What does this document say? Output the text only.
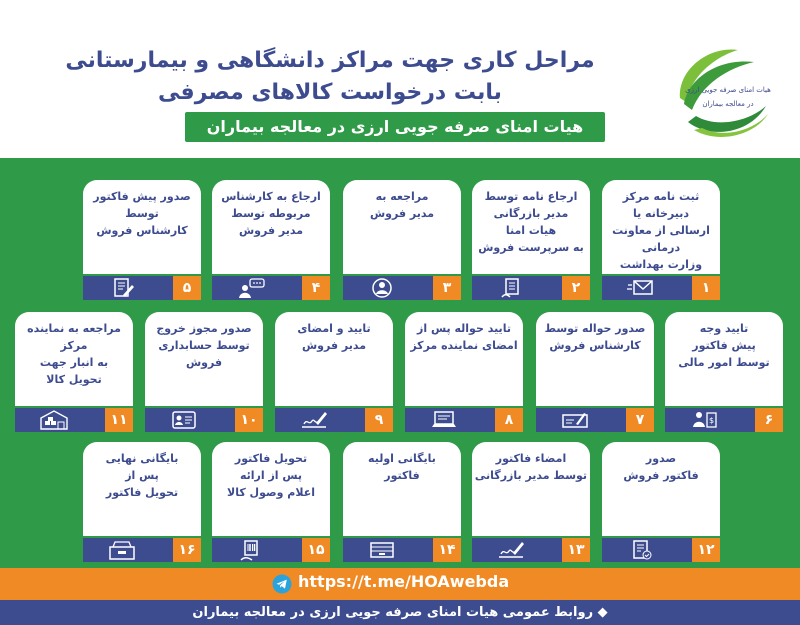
مراحل کاری جهت مراکز دانشگاهی و بیمارستانی
بابت درخواست کالاهای مصرفی
هیات امنای صرفه جویی ارزی در معالجه بیماران
هیات امنای صرفه جویی ارزی
در معالجه بیماران
ثبت نامه مرکز
دبیرخانه یا
ارسالی از معاونت درمانی
وزارت بهداشت
۱
ارجاع نامه توسط
مدیر بازرگانی
هیات امنا
به سرپرست فروش
۲
مراجعه به
مدیر فروش
۳
ارجاع به کارشناس
مربوطه توسط
مدیر فروش
۴
صدور پیش فاکتور
توسط
کارشناس فروش
۵
تایید وجه
پیش فاکتور
توسط امور مالی
۶
$
صدور حواله توسط
کارشناس فروش
۷
تایید حواله پس از
امضای نماینده مرکز
۸
تایید و امضای
مدیر فروش
۹
صدور مجوز خروج
توسط حسابداری فروش
۱۰
مراجعه به نماینده مرکز
به انبار جهت
تحویل کالا
۱۱
صدور
فاکتور فروش
۱۲
امضاء فاکتور
توسط مدیر بازرگانی
۱۳
بایگانی اولیه
فاکتور
۱۴
تحویل فاکتور
پس از ارائه
اعلام وصول کالا
۱۵
بایگانی نهایی
پس از
تحویل فاکتور
۱۶
https://t.me/HOAwebda
◆ روابط عمومی هیات امنای صرفه جویی ارزی در معالجه بیماران
